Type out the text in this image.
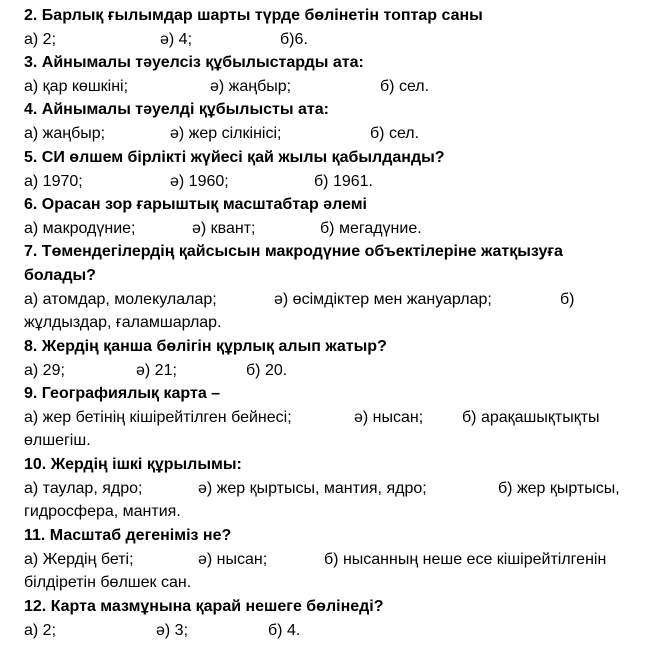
2. Барлық ғылымдар шарты түрде бөлінетін топтар саны
а) 2;	ә) 4;	б)6.
3. Айнымалы тәуелсіз құбылыстарды ата:
а) қар көшкіні;	ә) жаңбыр;	б) сел.
4. Айнымалы тәуелді құбылысты ата:
а) жаңбыр;	ә) жер сілкінісі;	б) сел.
5. СИ өлшем бірлікті жүйесі қай жылы қабылданды?
а) 1970;	ә) 1960;	б) 1961.
6. Орасан зор ғарыштық масштабтар әлемі
а) макродүние;	ә) квант;	б) мегадүние.
7. Төмендегілердің қайсысын макродүние объектілеріне жатқызуға
болады?
а) атомдар, молекулалар;	ә) өсімдіктер мен жануарлар;	б)
жұлдыздар, ғаламшарлар.
8. Жердің қанша бөлігін құрлық алып жатыр?
а) 29;	ә) 21;	б) 20.
9. Географиялық карта –
а) жер бетінің кішірейтілген бейнесі;	ә) нысан; б) арақашықтықты
өлшегіш.
10. Жердің ішкі құрылымы:
а) таулар, ядро;	ә) жер қыртысы, мантия, ядро;	б) жер қыртысы,
гидросфера, мантия.
11. Масштаб дегеніміз не?
а) Жердің беті;	ә) нысан;	б) нысанның неше есе кішірейтілгенін
білдіретін бөлшек сан.
12. Карта мазмұнына қарай нешеге бөлінеді?
а) 2;	ә) 3;	б) 4.
